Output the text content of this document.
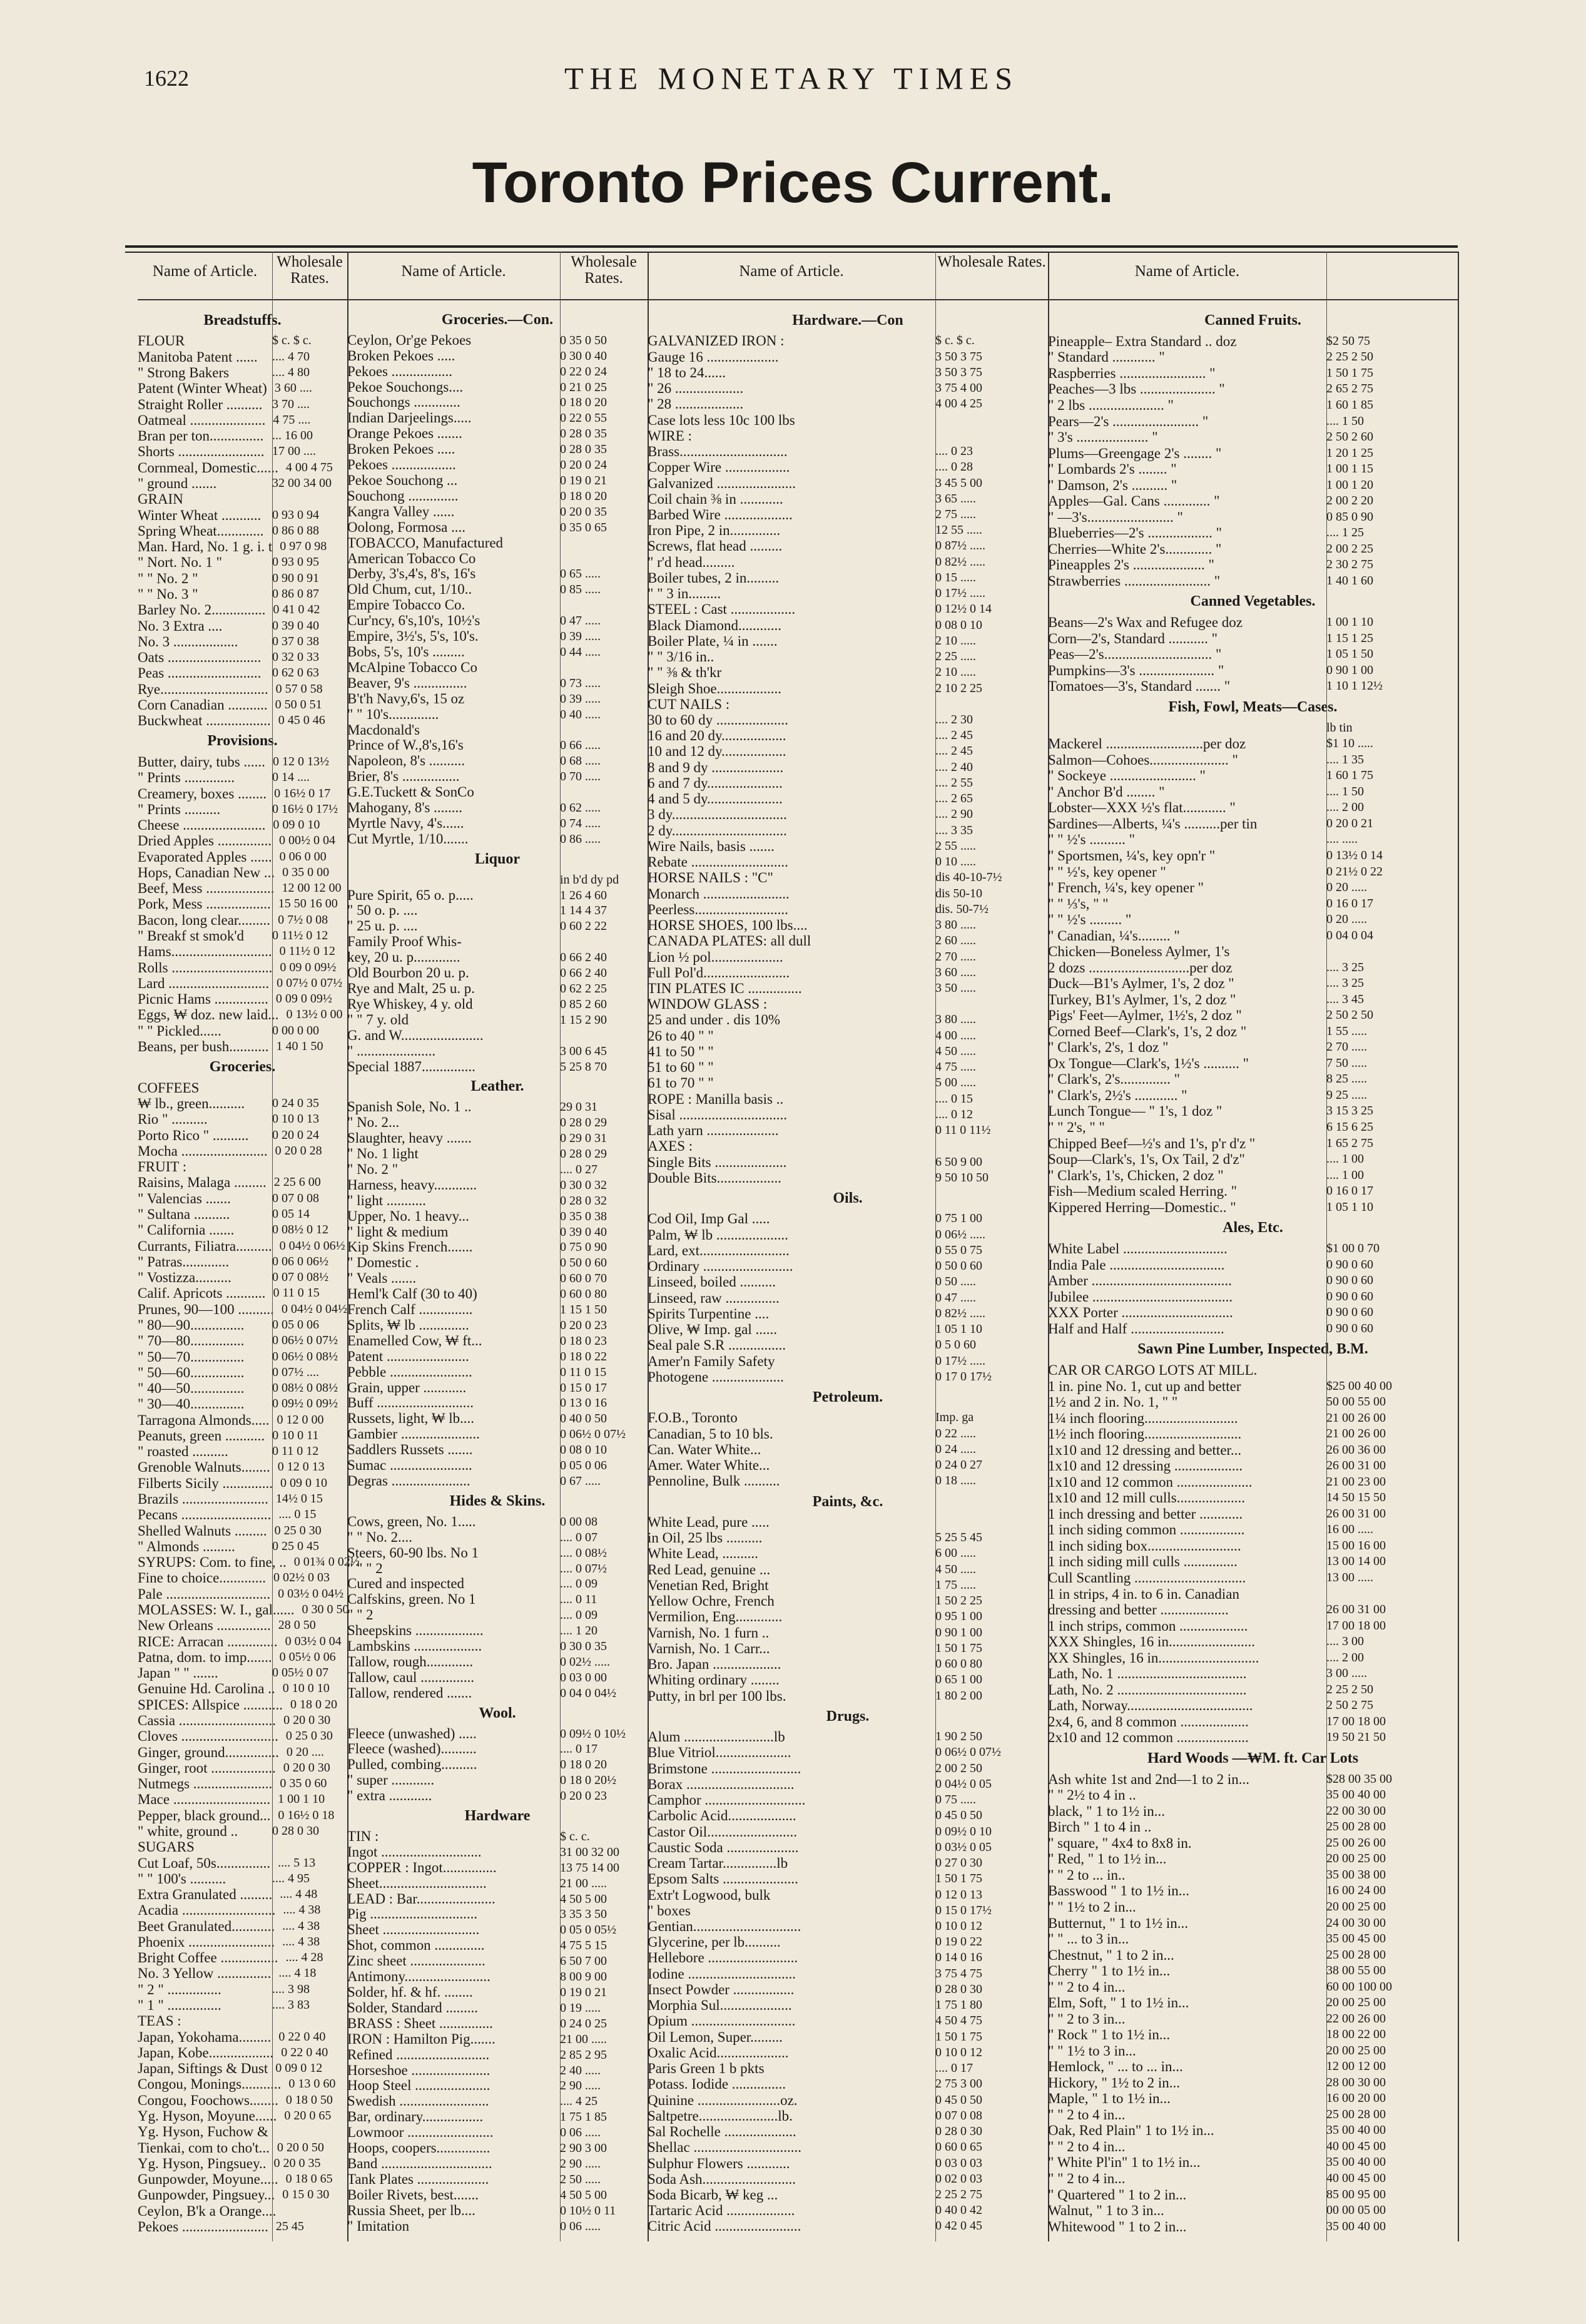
1622	THE MONETARY TIMES
Toronto Prices Current.
Name of Article.
Wholesale Rates.
Breadstuffs.
FLOUR	$ c. $ c.
Manitoba Patent ......	.... 4 70
" Strong Bakers	.... 4 80
Patent (Winter Wheat) 3 60 ....
Straight Roller .......... 3 70 ....
Oatmeal ..................... 4 75 ....
Bran per ton............... ... 16 00
Shorts ........................ 17 00 ....
Cornmeal, Domestic...... 4 00 4 75
" ground .......	32 00 34 00
GRAIN
Winter Wheat ........... 0 93 0 94
Spring Wheat............. 0 86 0 88
Man. Hard, No. 1 g. i. t 0 97 0 98
" Nort. No. 1 "	0 93 0 95
" " No. 2 "	0 90 0 91
" " No. 3 "	0 86 0 87
Barley No. 2............... 0 41 0 42
No. 3 Extra ....	0 39 0 40
No. 3 ..................	0 37 0 38
Oats .......................... 0 32 0 33
Peas .......................... 0 62 0 63
Rye.............................. 0 57 0 58
Corn Canadian ........... 0 50 0 51
Buckwheat .................. 0 45 0 46
Provisions.
Butter, dairy, tubs ...... 0 12 0 13½
" Prints ..............	0 14 ....
Creamery, boxes ........ 0 16½ 0 17
" Prints ..........	0 16½ 0 17½
Cheese ....................... 0 09 0 10
Dried Apples ............... 0 00½ 0 04
Evaporated Apples ...... 0 06 0 00
Hops, Canadian New ... 0 35 0 00
Beef, Mess ................... 12 00 12 00
Pork, Mess .................. 15 50 16 00
Bacon, long clear......... 0 7½ 0 08
" Breakf st smok'd	0 11½ 0 12
Hams............................ 0 11½ 0 12
Rolls ............................ 0 09 0 09½
Lard ............................ 0 07½ 0 07½
Picnic Hams ............... 0 09 0 09½
Eggs, ₩ doz. new laid... 0 13½ 0 00
" " Pickled......	0 00 0 00
Beans, per bush........... 1 40 1 50
Groceries.
COFFEES
₩ lb., green..........	0 24 0 35
Rio " ..........	0 10 0 13
Porto Rico " ..........	0 20 0 24
Mocha ........................ 0 20 0 28
FRUIT :
Raisins, Malaga ......... 2 25 6 00
" Valencias .......	0 07 0 08
" Sultana ..........	0 05 14
" California .......	0 08½ 0 12
Currants, Filiatra.......... 0 04½ 0 06½
" Patras.............	0 06 0 06½
" Vostizza..........	0 07 0 08½
Calif. Apricots ........... 0 11 0 15
Prunes, 90—100 .......... 0 04½ 0 04½
" 80—90...............	0 05 0 06
" 70—80...............	0 06½ 0 07½
" 50—70...............	0 06½ 0 08½
" 50—60...............	0 07½ ....
" 40—50...............	0 08½ 0 08½
" 30—40...............	0 09½ 0 09½
Tarragona Almonds..... 0 12 0 00
Peanuts, green ........... 0 10 0 11
" roasted ..........	0 11 0 12
Grenoble Walnuts........ 0 12 0 13
Filberts Sicily .............. 0 09 0 10
Brazils ........................ 14½ 0 15
Pecans ......................... .... 0 15
Shelled Walnuts ......... 0 25 0 30
" Almonds .........	0 25 0 45
SYRUPS: Com. to fine, .. 0 01¾ 0 02½
Fine to choice............. 0 02½ 0 03
Pale ............................. 0 03½ 0 04½
MOLASSES: W. I., gal...... 0 30 0 50
New Orleans ............... 28 0 50
RICE: Arracan .............. 0 03½ 0 04
Patna, dom. to imp....... 0 05½ 0 06
Japan " " .......	0 05½ 0 07
Genuine Hd. Carolina .. 0 10 0 10
SPICES: Allspice ........... 0 18 0 20
Cassia ........................... 0 20 0 30
Cloves ........................... 0 25 0 30
Ginger, ground............... 0 20 ....
Ginger, root .................. 0 20 0 30
Nutmegs ...................... 0 35 0 60
Mace ........................... 1 00 1 10
Pepper, black ground... 0 16½ 0 18
" white, ground ..	0 28 0 30
SUGARS
Cut Loaf, 50s............... .... 5 13
" " 100's ..........	.... 4 95
Extra Granulated ......... .... 4 48
Acadia .......................... .... 4 38
Beet Granulated............ .... 4 38
Phoenix ........................ .... 4 38
Bright Coffee ................ .... 4 28
No. 3 Yellow ............... .... 4 18
" 2 " ...............	.... 3 98
" 1 " ...............	.... 3 83
TEAS :
Japan, Yokohama......... 0 22 0 40
Japan, Kobe.................. 0 22 0 40
Japan, Siftings & Dust 0 09 0 12
Congou, Monings........... 0 13 0 60
Congou, Foochows........ 0 18 0 50
Yg. Hyson, Moyune...... 0 20 0 65
Yg. Hyson, Fuchow &
Tienkai, com to cho't... 0 20 0 50
Yg. Hyson, Pingsuey.. 0 20 0 35
Gunpowder, Moyune..... 0 18 0 65
Gunpowder, Pingsuey... 0 15 0 30
Ceylon, B'k a Orange....
Pekoes ........................ 25 45
Name of Article.
Wholesale Rates.
Groceries.—Con.
Ceylon, Or'ge Pekoes	0 35 0 50
Broken Pekoes .....	0 30 0 40
Pekoes .................	0 22 0 24
Pekoe Souchongs....	0 21 0 25
Souchongs .............	0 18 0 20
Indian Darjeelings.....	0 22 0 55
Orange Pekoes .......	0 28 0 35
Broken Pekoes .....	0 28 0 35
Pekoes ..................	0 20 0 24
Pekoe Souchong ...	0 19 0 21
Souchong ..............	0 18 0 20
Kangra Valley ......	0 20 0 35
Oolong, Formosa ....	0 35 0 65
TOBACCO, Manufactured
American Tobacco Co
Derby, 3's,4's, 8's, 16's	0 65 .....
Old Chum, cut, 1/10..	0 85 .....
Empire Tobacco Co.
Cur'ncy, 6's,10's, 10½'s	0 47 .....
Empire, 3½'s, 5's, 10's.	0 39 .....
Bobs, 5's, 10's .........	0 44 .....
McAlpine Tobacco Co
Beaver, 9's ...............	0 73 .....
B't'h Navy,6's, 15 oz	0 39 .....
" " 10's..............	0 40 .....
Macdonald's
Prince of W.,8's,16's	0 66 .....
Napoleon, 8's ..........	0 68 .....
Brier, 8's ................	0 70 .....
G.E.Tuckett & SonCo
Mahogany, 8's ........	0 62 .....
Myrtle Navy, 4's......	0 74 .....
Cut Myrtle, 1/10.......	0 86 .....
Liquor
in b'd dy pd
Pure Spirit, 65 o. p.....	1 26 4 60
" 50 o. p. ....	1 14 4 37
" 25 u. p. ....	0 60 2 22
Family Proof Whis-
key, 20 u. p.............	0 66 2 40
Old Bourbon 20 u. p.	0 66 2 40
Rye and Malt, 25 u. p.	0 62 2 25
Rye Whiskey, 4 y. old	0 85 2 60
" " 7 y. old	1 15 2 90
G. and W.......................
" ......................	3 00 6 45
Special 1887...............	5 25 8 70
Leather.
Spanish Sole, No. 1 ..	29 0 31
" No. 2...	0 28 0 29
Slaughter, heavy .......	0 29 0 31
" No. 1 light	0 28 0 29
" No. 2 "	.... 0 27
Harness, heavy............	0 30 0 32
" light ...........	0 28 0 32
Upper, No. 1 heavy...	0 35 0 38
" light & medium	0 39 0 40
Kip Skins French.......	0 75 0 90
" Domestic .	0 50 0 60
" Veals .......	0 60 0 70
Heml'k Calf (30 to 40)	0 60 0 80
French Calf ...............	1 15 1 50
Splits, ₩ lb ..............	0 20 0 23
Enamelled Cow, ₩ ft...	0 18 0 23
Patent .......................	0 18 0 22
Pebble .......................	0 11 0 15
Grain, upper ............	0 15 0 17
Buff ...........................	0 13 0 16
Russets, light, ₩ lb....	0 40 0 50
Gambier ......................	0 06½ 0 07½
Saddlers Russets .......	0 08 0 10
Sumac .......................	0 05 0 06
Degras ......................	0 67 .....
Hides & Skins.
Cows, green, No. 1.....	0 00 08
" " No. 2....	.... 0 07
Steers, 60-90 lbs. No 1	.... 0 08½
" " " 2	.... 0 07½
Cured and inspected	.... 0 09
Calfskins, green. No 1	.... 0 11
" " 2	.... 0 09
Sheepskins ...................	.... 1 20
Lambskins ...................	0 30 0 35
Tallow, rough.............	0 02½ .....
Tallow, caul ...............	0 03 0 00
Tallow, rendered .......	0 04 0 04½
Wool.
Fleece (unwashed) .....	0 09½ 0 10½
Fleece (washed)..........	.... 0 17
Pulled, combing..........	0 18 0 20
" super ............	0 18 0 20½
" extra ............	0 20 0 23
Hardware
TIN :	$ c. c.
Ingot ............................	31 00 32 00
COPPER : Ingot...............	13 75 14 00
Sheet..............................	21 00 .....
LEAD : Bar......................	4 50 5 00
Pig ..............................	3 35 3 50
Sheet ...........................	0 05 0 05½
Shot, common ..............	4 75 5 15
Zinc sheet .....................	6 50 7 00
Antimony........................	8 00 9 00
Solder, hf. & hf. ........	0 19 0 21
Solder, Standard .........	0 19 .....
BRASS : Sheet ...............	0 24 0 25
IRON : Hamilton Pig.......	21 00 .....
Refined ..........................	2 85 2 95
Horseshoe ......................	2 40 .....
Hoop Steel .....................	2 90 .....
Swedish .........................	.... 4 25
Bar, ordinary.................	1 75 1 85
Lowmoor ........................	0 06 .....
Hoops, coopers...............	2 90 3 00
Band ...............................	2 90 .....
Tank Plates ....................	2 50 .....
Boiler Rivets, best.......	4 50 5 00
Russia Sheet, per lb....	0 10½ 0 11
" Imitation	0 06 .....
Name of Article.
Wholesale Rates.
Hardware.—Con
GALVANIZED IRON :	$ c. $ c.
Gauge 16 ....................	3 50 3 75
" 18 to 24......	3 50 3 75
" 26 ...................	3 75 4 00
" 28 ...................	4 00 4 25
Case lots less 10c 100 lbs
WIRE :
Brass..............................	.... 0 23
Copper Wire ..................	.... 0 28
Galvanized ......................	3 45 5 00
Coil chain ⅜ in ............	3 65 .....
Barbed Wire ...................	2 75 .....
Iron Pipe, 2 in..............	12 55 .....
Screws, flat head .........	0 87½ .....
" r'd head.........	0 82½ .....
Boiler tubes, 2 in.........	0 15 .....
" " 3 in.........	0 17½ .....
STEEL : Cast ..................	0 12½ 0 14
Black Diamond............	0 08 0 10
Boiler Plate, ¼ in .......	2 10 .....
" " 3/16 in..	2 25 .....
" " ⅜ & th'kr	2 10 .....
Sleigh Shoe..................	2 10 2 25
CUT NAILS :
30 to 60 dy ....................	.... 2 30
16 and 20 dy..................	.... 2 45
10 and 12 dy..................	.... 2 45
8 and 9 dy ....................	.... 2 40
6 and 7 dy.....................	.... 2 55
4 and 5 dy.....................	.... 2 65
3 dy................................	.... 2 90
2 dy................................	.... 3 35
Wire Nails, basis .......	2 55 .....
Rebate ...........................	0 10 .....
HORSE NAILS : "C"	dis 40-10-7½
Monarch ........................	dis 50-10
Peerless..........................	dis. 50-7½
HORSE SHOES, 100 lbs....	3 80 .....
CANADA PLATES: all dull	2 60 .....
Lion ½ pol....................	2 70 .....
Full Pol'd........................	3 60 .....
TIN PLATES IC ...............	3 50 .....
WINDOW GLASS :
25 and under . dis 10%	3 80 .....
26 to 40 " "	4 00 .....
41 to 50 " "	4 50 .....
51 to 60 " "	4 75 .....
61 to 70 " "	5 00 .....
ROPE : Manilla basis ..	.... 0 15
Sisal ..............................	.... 0 12
Lath yarn ....................	0 11 0 11½
AXES :
Single Bits ....................	6 50 9 00
Double Bits..................	9 50 10 50
Oils.
Cod Oil, Imp Gal .....	0 75 1 00
Palm, ₩ lb ....................	0 06½ .....
Lard, ext.........................	0 55 0 75
Ordinary .........................	0 50 0 60
Linseed, boiled ..........	0 50 .....
Linseed, raw ...............	0 47 .....
Spirits Turpentine ....	0 82½ .....
Olive, ₩ Imp. gal ......	1 05 1 10
Seal pale S.R ................	0 5 0 60
Amer'n Family Safety	0 17½ .....
Photogene ....................	0 17 0 17½
Petroleum.
F.O.B., Toronto	Imp. ga
Canadian, 5 to 10 bls.	0 22 .....
Can. Water White...	0 24 .....
Amer. Water White...	0 24 0 27
Pennoline, Bulk ..........	0 18 .....
Paints, &c.
White Lead, pure .....
in Oil, 25 lbs ..........	5 25 5 45
White Lead, ..........	6 00 .....
Red Lead, genuine ...	4 50 .....
Venetian Red, Bright	1 75 .....
Yellow Ochre, French	1 50 2 25
Vermilion, Eng.............	0 95 1 00
Varnish, No. 1 furn ..	0 90 1 00
Varnish, No. 1 Carr...	1 50 1 75
Bro. Japan ...................	0 60 0 80
Whiting ordinary ........	0 65 1 00
Putty, in brl per 100 lbs.	1 80 2 00
Drugs.
Alum .........................lb	1 90 2 50
Blue Vitriol.....................	0 06½ 0 07½
Brimstone .........................	2 00 2 50
Borax ..............................	0 04½ 0 05
Camphor ............................	0 75 .....
Carbolic Acid...................	0 45 0 50
Castor Oil.........................	0 09½ 0 10
Caustic Soda ....................	0 03½ 0 05
Cream Tartar...............lb	0 27 0 30
Epsom Salts .....................	1 50 1 75
Extr't Logwood, bulk	0 12 0 13
" boxes	0 15 0 17½
Gentian..............................	0 10 0 12
Glycerine, per lb..........	0 19 0 22
Hellebore .........................	0 14 0 16
Iodine ..............................	3 75 4 75
Insect Powder .................	0 28 0 30
Morphia Sul....................	1 75 1 80
Opium .............................	4 50 4 75
Oil Lemon, Super.........	1 50 1 75
Oxalic Acid....................	0 10 0 12
Paris Green 1 b pkts	.... 0 17
Potass. Iodide ...............	2 75 3 00
Quinine .......................oz.	0 45 0 50
Saltpetre......................lb.	0 07 0 08
Sal Rochelle ....................	0 28 0 30
Shellac ..............................	0 60 0 65
Sulphur Flowers ............	0 03 0 03
Soda Ash..........................	0 02 0 03
Soda Bicarb, ₩ keg ...	2 25 2 75
Tartaric Acid ...................	0 40 0 42
Citric Acid ........................	0 42 0 45
Name of Article.
Canned Fruits.
Pineapple– Extra Standard .. doz	$2 50 75
" Standard ............ "	2 25 2 50
Raspberries ........................ "	1 50 1 75
Peaches—3 lbs ..................... "	2 65 2 75
" 2 lbs ..................... "	1 60 1 85
Pears—2's ........................ "	.... 1 50
" 3's .................... "	2 50 2 60
Plums—Greengage 2's ........ "	1 20 1 25
" Lombards 2's ........ "	1 00 1 15
" Damson, 2's .......... "	1 00 1 20
Apples—Gal. Cans ............. "	2 00 2 20
" —3's........................ "	0 85 0 90
Blueberries—2's .................. "	.... 1 25
Cherries—White 2's............. "	2 00 2 25
Pineapples 2's .................... "	2 30 2 75
Strawberries ........................ "	1 40 1 60
Canned Vegetables.
Beans—2's Wax and Refugee doz	1 00 1 10
Corn—2's, Standard ........... "	1 15 1 25
Peas—2's.............................. "	1 05 1 50
Pumpkins—3's ..................... "	0 90 1 00
Tomatoes—3's, Standard ....... "	1 10 1 12½
Fish, Fowl, Meats—Cases.
lb tin
Mackerel ...........................per doz	$1 10 .....
Salmon—Cohoes...................... "	.... 1 35
" Sockeye ........................ "	1 60 1 75
" Anchor B'd ........ "	.... 1 50
Lobster—XXX ½'s flat............ "	.... 2 00
Sardines—Alberts, ¼'s ..........per tin	0 20 0 21
" " ½'s .......... "	.... .....
" Sportsmen, ¼'s, key opn'r "	0 13½ 0 14
" " ½'s, key opener "	0 21½ 0 22
" French, ¼'s, key opener "	0 20 .....
" " ⅓'s, " "	0 16 0 17
" " ½'s ......... "	0 20 .....
" Canadian, ¼'s......... "	0 04 0 04
Chicken—Boneless Aylmer, 1's
2 dozs ............................per doz	.... 3 25
Duck—B1's Aylmer, 1's, 2 doz "	.... 3 25
Turkey, B1's Aylmer, 1's, 2 doz "	.... 3 45
Pigs' Feet—Aylmer, 1½'s, 2 doz "	2 50 2 50
Corned Beef—Clark's, 1's, 2 doz "	1 55 .....
" Clark's, 2's, 1 doz "	2 70 .....
Ox Tongue—Clark's, 1½'s .......... "	7 50 .....
" Clark's, 2's.............. "	8 25 .....
" Clark's, 2½'s ............ "	9 25 .....
Lunch Tongue— " 1's, 1 doz "	3 15 3 25
" " 2's, " "	6 15 6 25
Chipped Beef—½'s and 1's, p'r d'z "	1 65 2 75
Soup—Clark's, 1's, Ox Tail, 2 d'z"	.... 1 00
" Clark's, 1's, Chicken, 2 doz "	.... 1 00
Fish—Medium scaled Herring. "	0 16 0 17
Kippered Herring—Domestic.. "	1 05 1 10
Ales, Etc.
White Label .............................	$1 00 0 70
India Pale ................................	0 90 0 60
Amber .......................................	0 90 0 60
Jubilee .......................................	0 90 0 60
XXX Porter ...............................	0 90 0 60
Half and Half ..........................	0 90 0 60
Sawn Pine Lumber, Inspected, B.M.
CAR OR CARGO LOTS AT MILL.
1 in. pine No. 1, cut up and better	$25 00 40 00
1½ and 2 in. No. 1, " "	50 00 55 00
1¼ inch flooring..........................	21 00 26 00
1½ inch flooring...........................	21 00 26 00
1x10 and 12 dressing and better...	26 00 36 00
1x10 and 12 dressing ...................	26 00 31 00
1x10 and 12 common .....................	21 00 23 00
1x10 and 12 mill culls...................	14 50 15 50
1 inch dressing and better ............	26 00 31 00
1 inch siding common ..................	16 00 .....
1 inch siding box..........................	15 00 16 00
1 inch siding mill culls ...............	13 00 14 00
Cull Scantling ...............................	13 00 .....
1 in strips, 4 in. to 6 in. Canadian
dressing and better ...................	26 00 31 00
1 inch strips, common ...................	17 00 18 00
XXX Shingles, 16 in........................	.... 3 00
XX Shingles, 16 in............................	.... 2 00
Lath, No. 1 ....................................	3 00 .....
Lath, No. 2 ....................................	2 25 2 50
Lath, Norway...................................	2 50 2 75
2x4, 6, and 8 common ...................	17 00 18 00
2x10 and 12 common ....................	19 50 21 50
Hard Woods —₩M. ft. Car Lots
Ash white 1st and 2nd—1 to 2 in...	$28 00 35 00
" " 2½ to 4 in ..	35 00 40 00
black, " 1 to 1½ in...	22 00 30 00
Birch " 1 to 4 in ..	25 00 28 00
" square, " 4x4 to 8x8 in.	25 00 26 00
" Red, " 1 to 1½ in...	20 00 25 00
" " 2 to ... in..	35 00 38 00
Basswood " 1 to 1½ in...	16 00 24 00
" " 1½ to 2 in...	20 00 25 00
Butternut, " 1 to 1½ in...	24 00 30 00
" " ... to 3 in...	35 00 45 00
Chestnut, " 1 to 2 in...	25 00 28 00
Cherry " 1 to 1½ in...	38 00 55 00
" " 2 to 4 in...	60 00 100 00
Elm, Soft, " 1 to 1½ in...	20 00 25 00
" " 2 to 3 in...	22 00 26 00
" Rock " 1 to 1½ in...	18 00 22 00
" " 1½ to 3 in...	20 00 25 00
Hemlock, " ... to ... in...	12 00 12 00
Hickory, " 1½ to 2 in...	28 00 30 00
Maple, " 1 to 1½ in...	16 00 20 00
" " 2 to 4 in...	25 00 28 00
Oak, Red Plain" 1 to 1½ in...	35 00 40 00
" " 2 to 4 in...	40 00 45 00
" White Pl'in" 1 to 1½ in...	35 00 40 00
" " 2 to 4 in...	40 00 45 00
" Quartered " 1 to 2 in...	85 00 95 00
Walnut, " 1 to 3 in...	00 00 05 00
Whitewood " 1 to 2 in...	35 00 40 00
